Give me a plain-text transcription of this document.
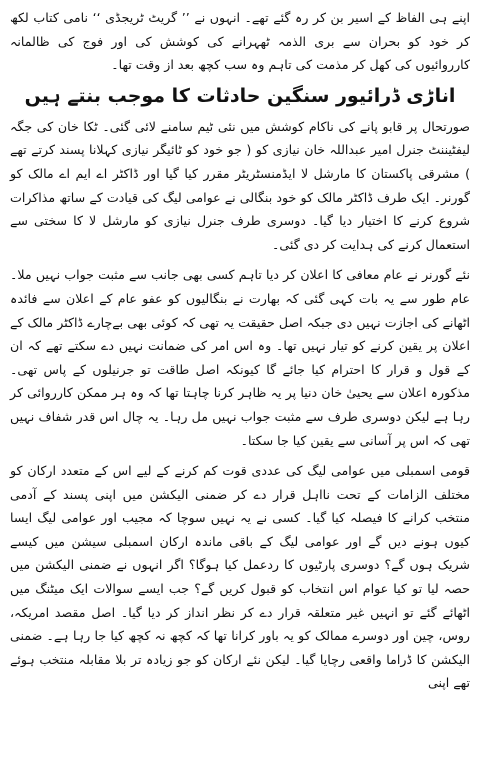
اپنے ہی الفاظ کے اسیر بن کر رہ گئے تھے۔ انہوں نے ’’ گریٹ ٹریجڈی ‘‘ نامی کتاب لکھ کر خود کو بحران سے بری الذمہ ٹھہرانے کی کوشش کی اور فوج کی ظالمانہ کارروائیوں کی کھل کر مذمت کی تاہم وہ سب کچھ بعد از وقت تھا۔

اناڑی ڈرائیور سنگین حادثات کا موجب بنتے ہیں

صورتحال پر قابو پانے کی ناکام کوشش میں نئی ٹیم سامنے لائی گئی۔ ٹکا خان کی جگہ لیفٹیننٹ جنرل امیر عبداللہ خان نیازی کو ( جو خود کو ٹائیگر نیازی کہلانا پسند کرتے تھے ) مشرقی پاکستان کا مارشل لا ایڈمنسٹریٹر مقرر کیا گیا اور ڈاکٹر اے ایم اے مالک کو گورنر۔ ایک طرف ڈاکٹر مالک کو خود بنگالی نے عوامی لیگ کی قیادت کے ساتھ مذاکرات شروع کرنے کا اختیار دیا گیا۔ دوسری طرف جنرل نیازی کو مارشل لا کا سختی سے استعمال کرنے کی ہدایت کر دی گئی۔

نئے گورنر نے عام معافی کا اعلان کر دیا تاہم کسی بھی جانب سے مثبت جواب نہیں ملا۔ عام طور سے یہ بات کہی گئی کہ بھارت نے بنگالیوں کو عفو عام کے اعلان سے فائدہ اٹھانے کی اجازت نہیں دی جبکہ اصل حقیقت یہ تھی کہ کوئی بھی بےچارے ڈاکٹر مالک کے اعلان پر یقین کرنے کو تیار نہیں تھا۔ وہ اس امر کی ضمانت نہیں دے سکتے تھے کہ ان کے قول و قرار کا احترام کیا جائے گا کیونکہ اصل طاقت تو جرنیلوں کے پاس تھی۔ مذکورہ اعلان سے یحییٰ خان دنیا پر یہ ظاہر کرنا چاہتا تھا کہ وہ ہر ممکن کارروائی کر رہا ہے لیکن دوسری طرف سے مثبت جواب نہیں مل رہا۔ یہ چال اس قدر شفاف نہیں تھی کہ اس پر آسانی سے یقین کیا جا سکتا۔

قومی اسمبلی میں عوامی لیگ کی عددی قوت کم کرنے کے لیے اس کے متعدد ارکان کو مختلف الزامات کے تحت نااہل قرار دے کر ضمنی الیکشن میں اپنی پسند کے آدمی منتخب کرانے کا فیصلہ کیا گیا۔ کسی نے یہ نہیں سوچا کہ مجیب اور عوامی لیگ ایسا کیوں ہونے دیں گے اور عوامی لیگ کے باقی ماندہ ارکان اسمبلی سیشن میں کیسے شریک ہوں گے؟ دوسری پارٹیوں کا ردعمل کیا ہوگا؟ اگر انہوں نے ضمنی الیکشن میں حصہ لیا تو کیا عوام اس انتخاب کو قبول کریں گے؟ جب ایسے سوالات ایک میٹنگ میں اٹھائے گئے تو انہیں غیر متعلقہ قرار دے کر نظر انداز کر دیا گیا۔ اصل مقصد امریکہ، روس، چین اور دوسرے ممالک کو یہ باور کرانا تھا کہ کچھ نہ کچھ کیا جا رہا ہے۔ ضمنی الیکشن کا ڈراما واقعی رچایا گیا۔ لیکن نئے ارکان کو جو زیادہ تر بلا مقابلہ منتخب ہوئے تھے اپنی
